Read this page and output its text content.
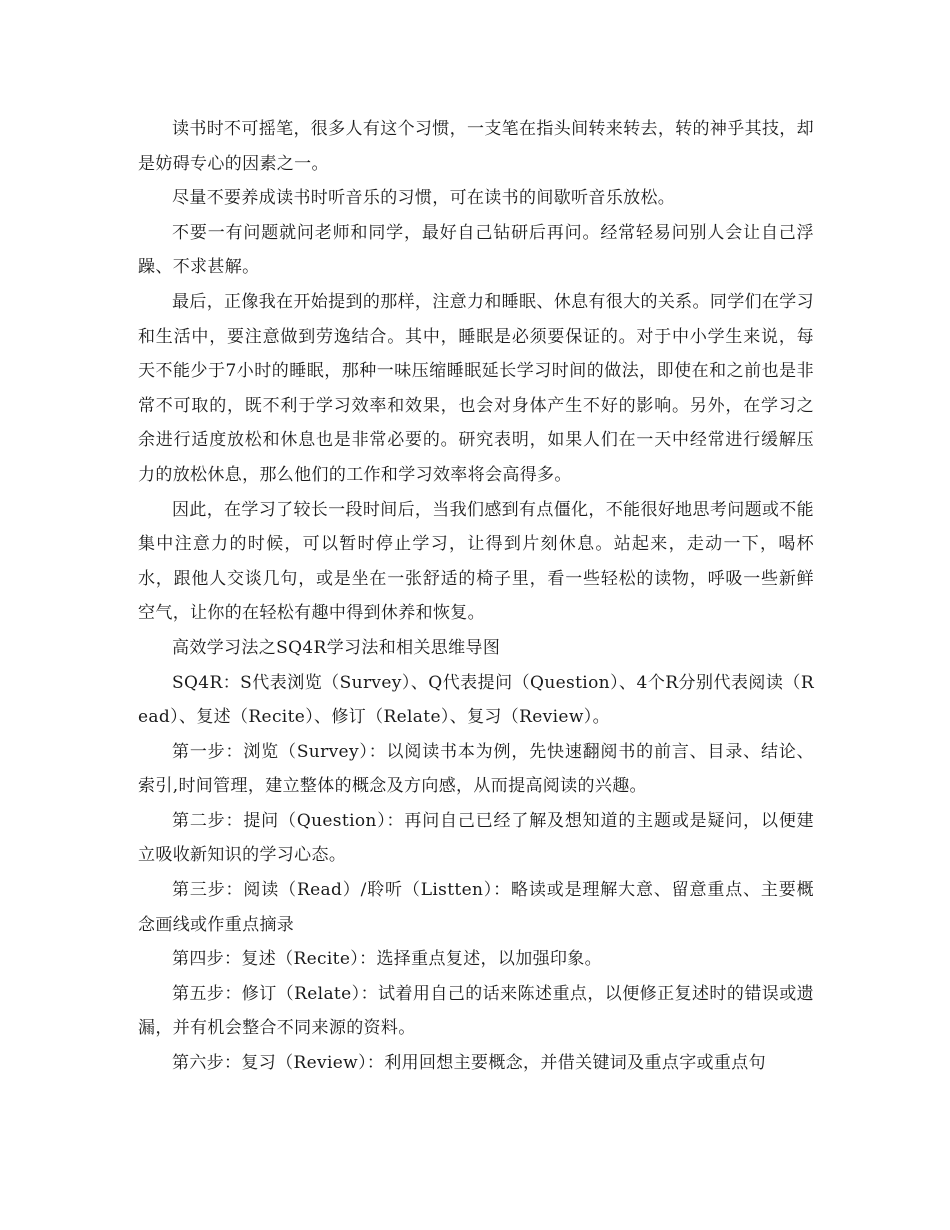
读书时不可摇笔，很多人有这个习惯，一支笔在指头间转来转去，转的神乎其技，却是妨碍专心的因素之一。

尽量不要养成读书时听音乐的习惯，可在读书的间歇听音乐放松。

不要一有问题就问老师和同学，最好自己钻研后再问。经常轻易问别人会让自己浮躁、不求甚解。

最后，正像我在开始提到的那样，注意力和睡眠、休息有很大的关系。同学们在学习和生活中，要注意做到劳逸结合。其中，睡眠是必须要保证的。对于中小学生来说，每天不能少于7小时的睡眠，那种一味压缩睡眠延长学习时间的做法，即使在和之前也是非常不可取的，既不利于学习效率和效果，也会对身体产生不好的影响。另外，在学习之余进行适度放松和休息也是非常必要的。研究表明，如果人们在一天中经常进行缓解压力的放松休息，那么他们的工作和学习效率将会高得多。

因此，在学习了较长一段时间后，当我们感到有点僵化，不能很好地思考问题或不能集中注意力的时候，可以暂时停止学习，让得到片刻休息。站起来，走动一下，喝杯水，跟他人交谈几句，或是坐在一张舒适的椅子里，看一些轻松的读物，呼吸一些新鲜空气，让你的在轻松有趣中得到休养和恢复。

高效学习法之SQ4R学习法和相关思维导图

SQ4R：S代表浏览（Survey）、Q代表提问（Question）、4个R分别代表阅读（Read）、复述（Recite）、修订（Relate）、复习（Review）。

第一步：浏览（Survey）：以阅读书本为例，先快速翻阅书的前言、目录、结论、索引,时间管理，建立整体的概念及方向感，从而提高阅读的兴趣。

第二步：提问（Question）：再问自己已经了解及想知道的主题或是疑问，以便建立吸收新知识的学习心态。

第三步：阅读（Read）/聆听（Listten）：略读或是理解大意、留意重点、主要概念画线或作重点摘录

第四步：复述（Recite）：选择重点复述，以加强印象。

第五步：修订（Relate）：试着用自己的话来陈述重点，以便修正复述时的错误或遗漏，并有机会整合不同来源的资料。

第六步：复习（Review）：利用回想主要概念，并借关键词及重点字或重点句
